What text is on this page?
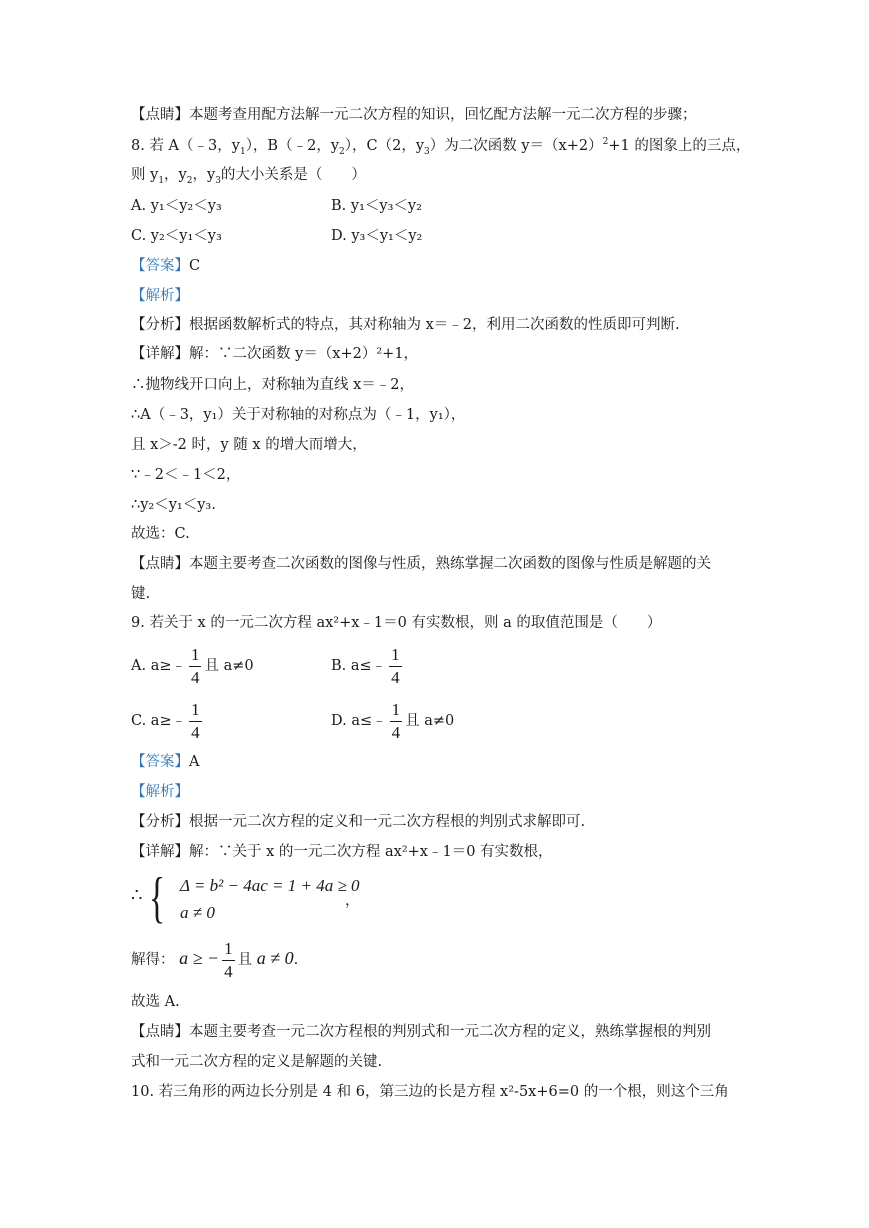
【点睛】本题考查用配方法解一元二次方程的知识，回忆配方法解一元二次方程的步骤；
8. 若 A（﹣3，$y_1$），B（﹣2，$y_2$），C（2，$y_3$）为二次函数 $y=(x+2)^2+1$ 的图象上的三点，
则 $y_1$，$y_2$，$y_3$的大小关系是（　　）
A. y₁＜y₂＜y₃	B. y₁＜y₃＜y₂
C. y₂＜y₁＜y₃	D. y₃＜y₁＜y₂
【答案】C
【解析】
【分析】根据函数解析式的特点，其对称轴为 x＝﹣2，利用二次函数的性质即可判断.
【详解】解：∵二次函数 y＝（x+2）²+1，
∴抛物线开口向上，对称轴为直线 x＝﹣2，
∴A（﹣3，y₁）关于对称轴的对称点为（﹣1，y₁），
且 x＞-2 时，y 随 x 的增大而增大，
∵﹣2＜﹣1＜2，
∴y₂＜y₁＜y₃.
故选：C.
【点睛】本题主要考查二次函数的图像与性质，熟练掌握二次函数的图像与性质是解题的关
键.
9. 若关于 x 的一元二次方程 ax²+x﹣1＝0 有实数根，则 a 的取值范围是（　　）
A. a≥﹣ $\frac{1}{4}$ 且 a≠0	B. a≤﹣ $\frac{1}{4}$
C. a≥﹣ $\frac{1}{4}$	D. a≤﹣ $\frac{1}{4}$ 且 a≠0
【答案】A
【解析】
【分析】根据一元二次方程的定义和一元二次方程根的判别式求解即可.
【详解】解：∵关于 x 的一元二次方程 ax²+x﹣1＝0 有实数根，
∴ { Δ = b² − 4ac = 1 + 4a ≥ 0
a ≠ 0
，
解得： a ≥ − $\frac{1}{4}$ 且 a ≠ 0.
故选 A.
【点睛】本题主要考查一元二次方程根的判别式和一元二次方程的定义，熟练掌握根的判别
式和一元二次方程的定义是解题的关键.
10. 若三角形的两边长分别是 4 和 6，第三边的长是方程 x²-5x+6=0 的一个根，则这个三角
